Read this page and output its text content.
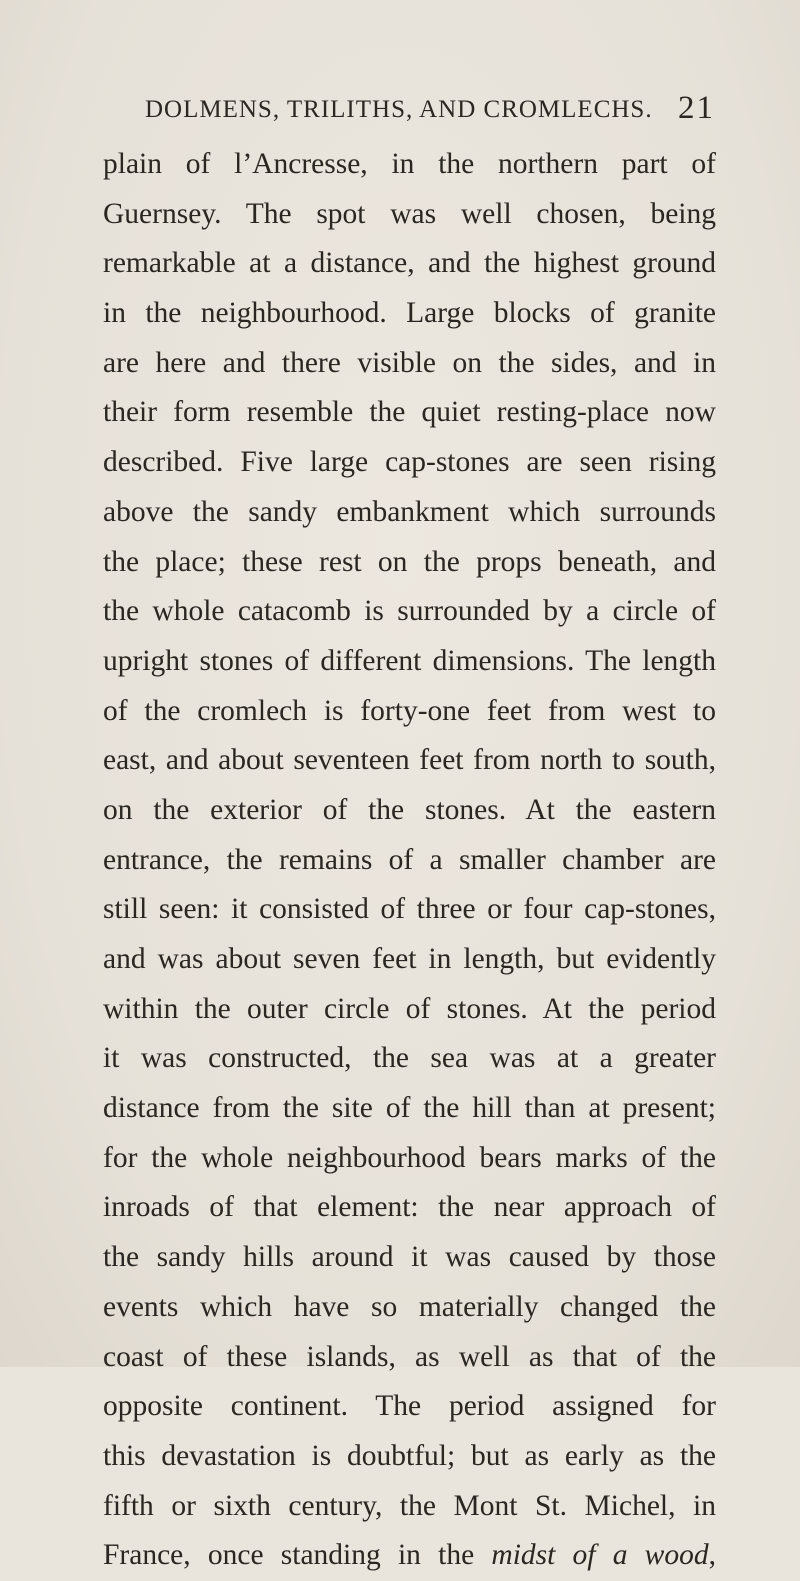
DOLMENS, TRILITHS, AND CROMLECHS. 21
plain of l’Ancresse, in the northern part of
Guernsey. The spot was well chosen, being
remarkable at a distance, and the highest ground
in the neighbourhood. Large blocks of granite
are here and there visible on the sides, and in
their form resemble the quiet resting-place now
described. Five large cap-stones are seen rising
above the sandy embankment which surrounds
the place; these rest on the props beneath, and
the whole catacomb is surrounded by a circle of
upright stones of different dimensions. The length
of the cromlech is forty-one feet from west to
east, and about seventeen feet from north to south,
on the exterior of the stones. At the eastern
entrance, the remains of a smaller chamber are
still seen: it consisted of three or four cap-stones,
and was about seven feet in length, but evidently
within the outer circle of stones. At the period
it was constructed, the sea was at a greater
distance from the site of the hill than at present;
for the whole neighbourhood bears marks of the
inroads of that element: the near approach of
the sandy hills around it was caused by those
events which have so materially changed the
coast of these islands, as well as that of the
opposite continent. The period assigned for
this devastation is doubtful; but as early as the
fifth or sixth century, the Mont St. Michel, in
France, once standing in the midst of a wood,
